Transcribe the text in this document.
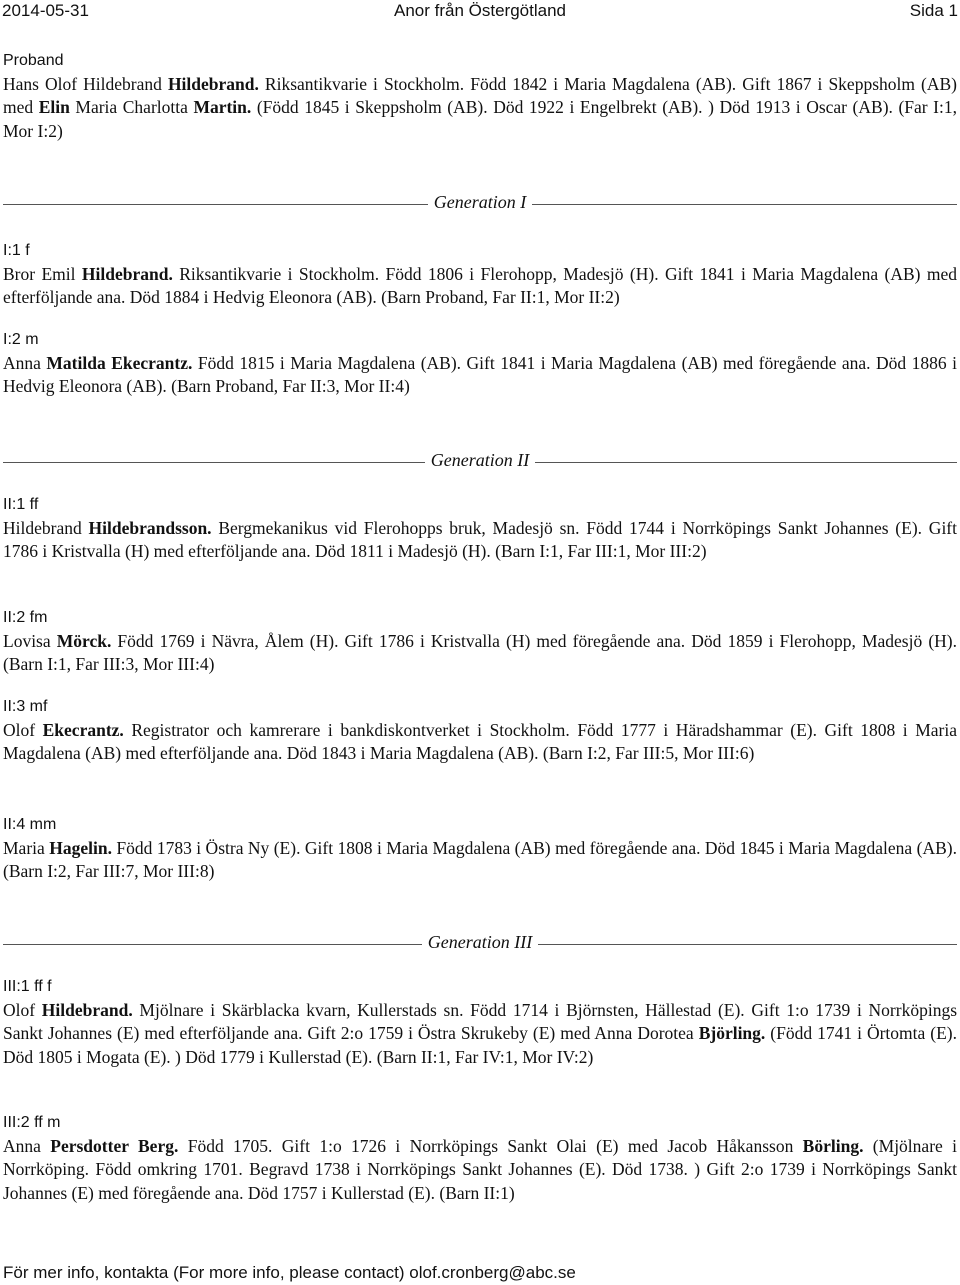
2014-05-31	Anor från Östergötland	Sida 1
Proband
Hans Olof Hildebrand Hildebrand. Riksantikvarie i Stockholm. Född 1842 i Maria Magdalena (AB). Gift 1867 i Skeppsholm (AB) med Elin Maria Charlotta Martin. (Född 1845 i Skeppsholm (AB). Död 1922 i Engelbrekt (AB). ) Död 1913 i Oscar (AB). (Far I:1, Mor I:2)
Generation I
I:1 f
Bror Emil Hildebrand. Riksantikvarie i Stockholm. Född 1806 i Flerohopp, Madesjö (H). Gift 1841 i Maria Magdalena (AB) med efterföljande ana. Död 1884 i Hedvig Eleonora (AB). (Barn Proband, Far II:1, Mor II:2)
I:2 m
Anna Matilda Ekecrantz. Född 1815 i Maria Magdalena (AB). Gift 1841 i Maria Magdalena (AB) med föregående ana. Död 1886 i Hedvig Eleonora (AB). (Barn Proband, Far II:3, Mor II:4)
Generation II
II:1 ff
Hildebrand Hildebrandsson. Bergmekanikus vid Flerohopps bruk, Madesjö sn. Född 1744 i Norrköpings Sankt Johannes (E). Gift 1786 i Kristvalla (H) med efterföljande ana. Död 1811 i Madesjö (H). (Barn I:1, Far III:1, Mor III:2)
II:2 fm
Lovisa Mörck. Född 1769 i Nävra, Ålem (H). Gift 1786 i Kristvalla (H) med föregående ana. Död 1859 i Flerohopp, Madesjö (H). (Barn I:1, Far III:3, Mor III:4)
II:3 mf
Olof Ekecrantz. Registrator och kamrerare i bankdiskontverket i Stockholm. Född 1777 i Häradshammar (E). Gift 1808 i Maria Magdalena (AB) med efterföljande ana. Död 1843 i Maria Magdalena (AB). (Barn I:2, Far III:5, Mor III:6)
II:4 mm
Maria Hagelin. Född 1783 i Östra Ny (E). Gift 1808 i Maria Magdalena (AB) med föregående ana. Död 1845 i Maria Magdalena (AB). (Barn I:2, Far III:7, Mor III:8)
Generation III
III:1 ff f
Olof Hildebrand. Mjölnare i Skärblacka kvarn, Kullerstads sn. Född 1714 i Björnsten, Hällestad (E). Gift 1:o 1739 i Norrköpings Sankt Johannes (E) med efterföljande ana. Gift 2:o 1759 i Östra Skrukeby (E) med Anna Dorotea Björling. (Född 1741 i Örtomta (E). Död 1805 i Mogata (E). ) Död 1779 i Kullerstad (E). (Barn II:1, Far IV:1, Mor IV:2)
III:2 ff m
Anna Persdotter Berg. Född 1705. Gift 1:o 1726 i Norrköpings Sankt Olai (E) med Jacob Håkansson Börling. (Mjölnare i Norrköping. Född omkring 1701. Begravd 1738 i Norrköpings Sankt Johannes (E). Död 1738. ) Gift 2:o 1739 i Norrköpings Sankt Johannes (E) med föregående ana. Död 1757 i Kullerstad (E). (Barn II:1)
För mer info, kontakta (For more info, please contact) olof.cronberg@abc.se
